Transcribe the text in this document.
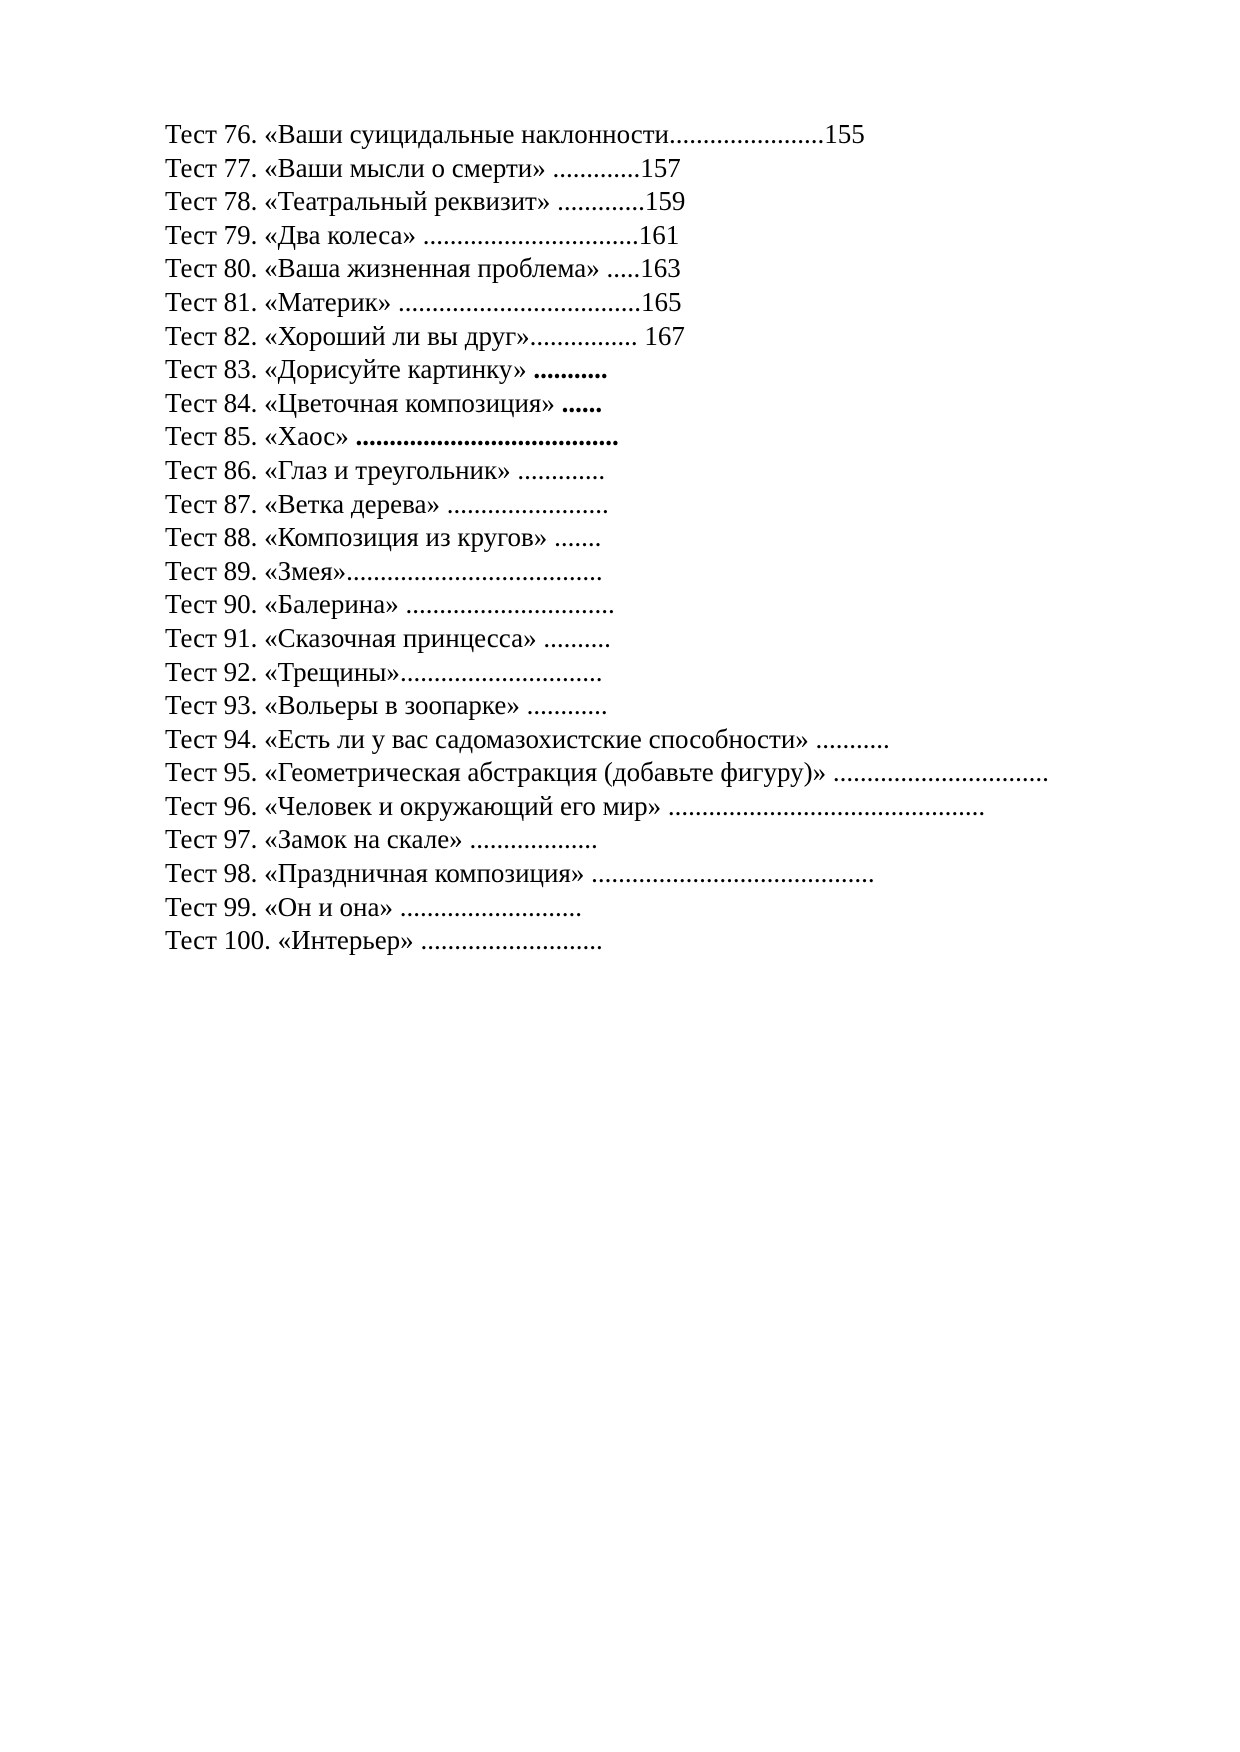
Тест 76. «Ваши суицидальные наклонности.......................155
Тест 77. «Ваши мысли о смерти» .............157
Тест 78. «Театральный реквизит» .............159
Тест 79. «Два колеса» ................................161
Тест 80. «Ваша жизненная проблема» .....163
Тест 81. «Материк» ....................................165
Тест 82. «Хороший ли вы друг»................ 167
Тест 83. «Дорисуйте картинку» ...........
Тест 84. «Цветочная композиция» ......
Тест 85. «Хаос» .......................................
Тест 86. «Глаз и треугольник» .............
Тест 87. «Ветка дерева» ........................
Тест 88. «Композиция из кругов» .......
Тест 89. «Змея»......................................
Тест 90. «Балерина» ...............................
Тест 91. «Сказочная принцесса» ..........
Тест 92. «Трещины»..............................
Тест 93. «Вольеры в зоопарке» ............
Тест 94. «Есть ли у вас садомазохистские способности» ...........
Тест 95. «Геометрическая абстракция (добавьте фигуру)» ................................
Тест 96. «Человек и окружающий его мир» ...............................................
Тест 97. «Замок на скале» ...................
Тест 98. «Праздничная композиция» ..........................................
Тест 99. «Он и она» ...........................
Тест 100. «Интерьер» ...........................
